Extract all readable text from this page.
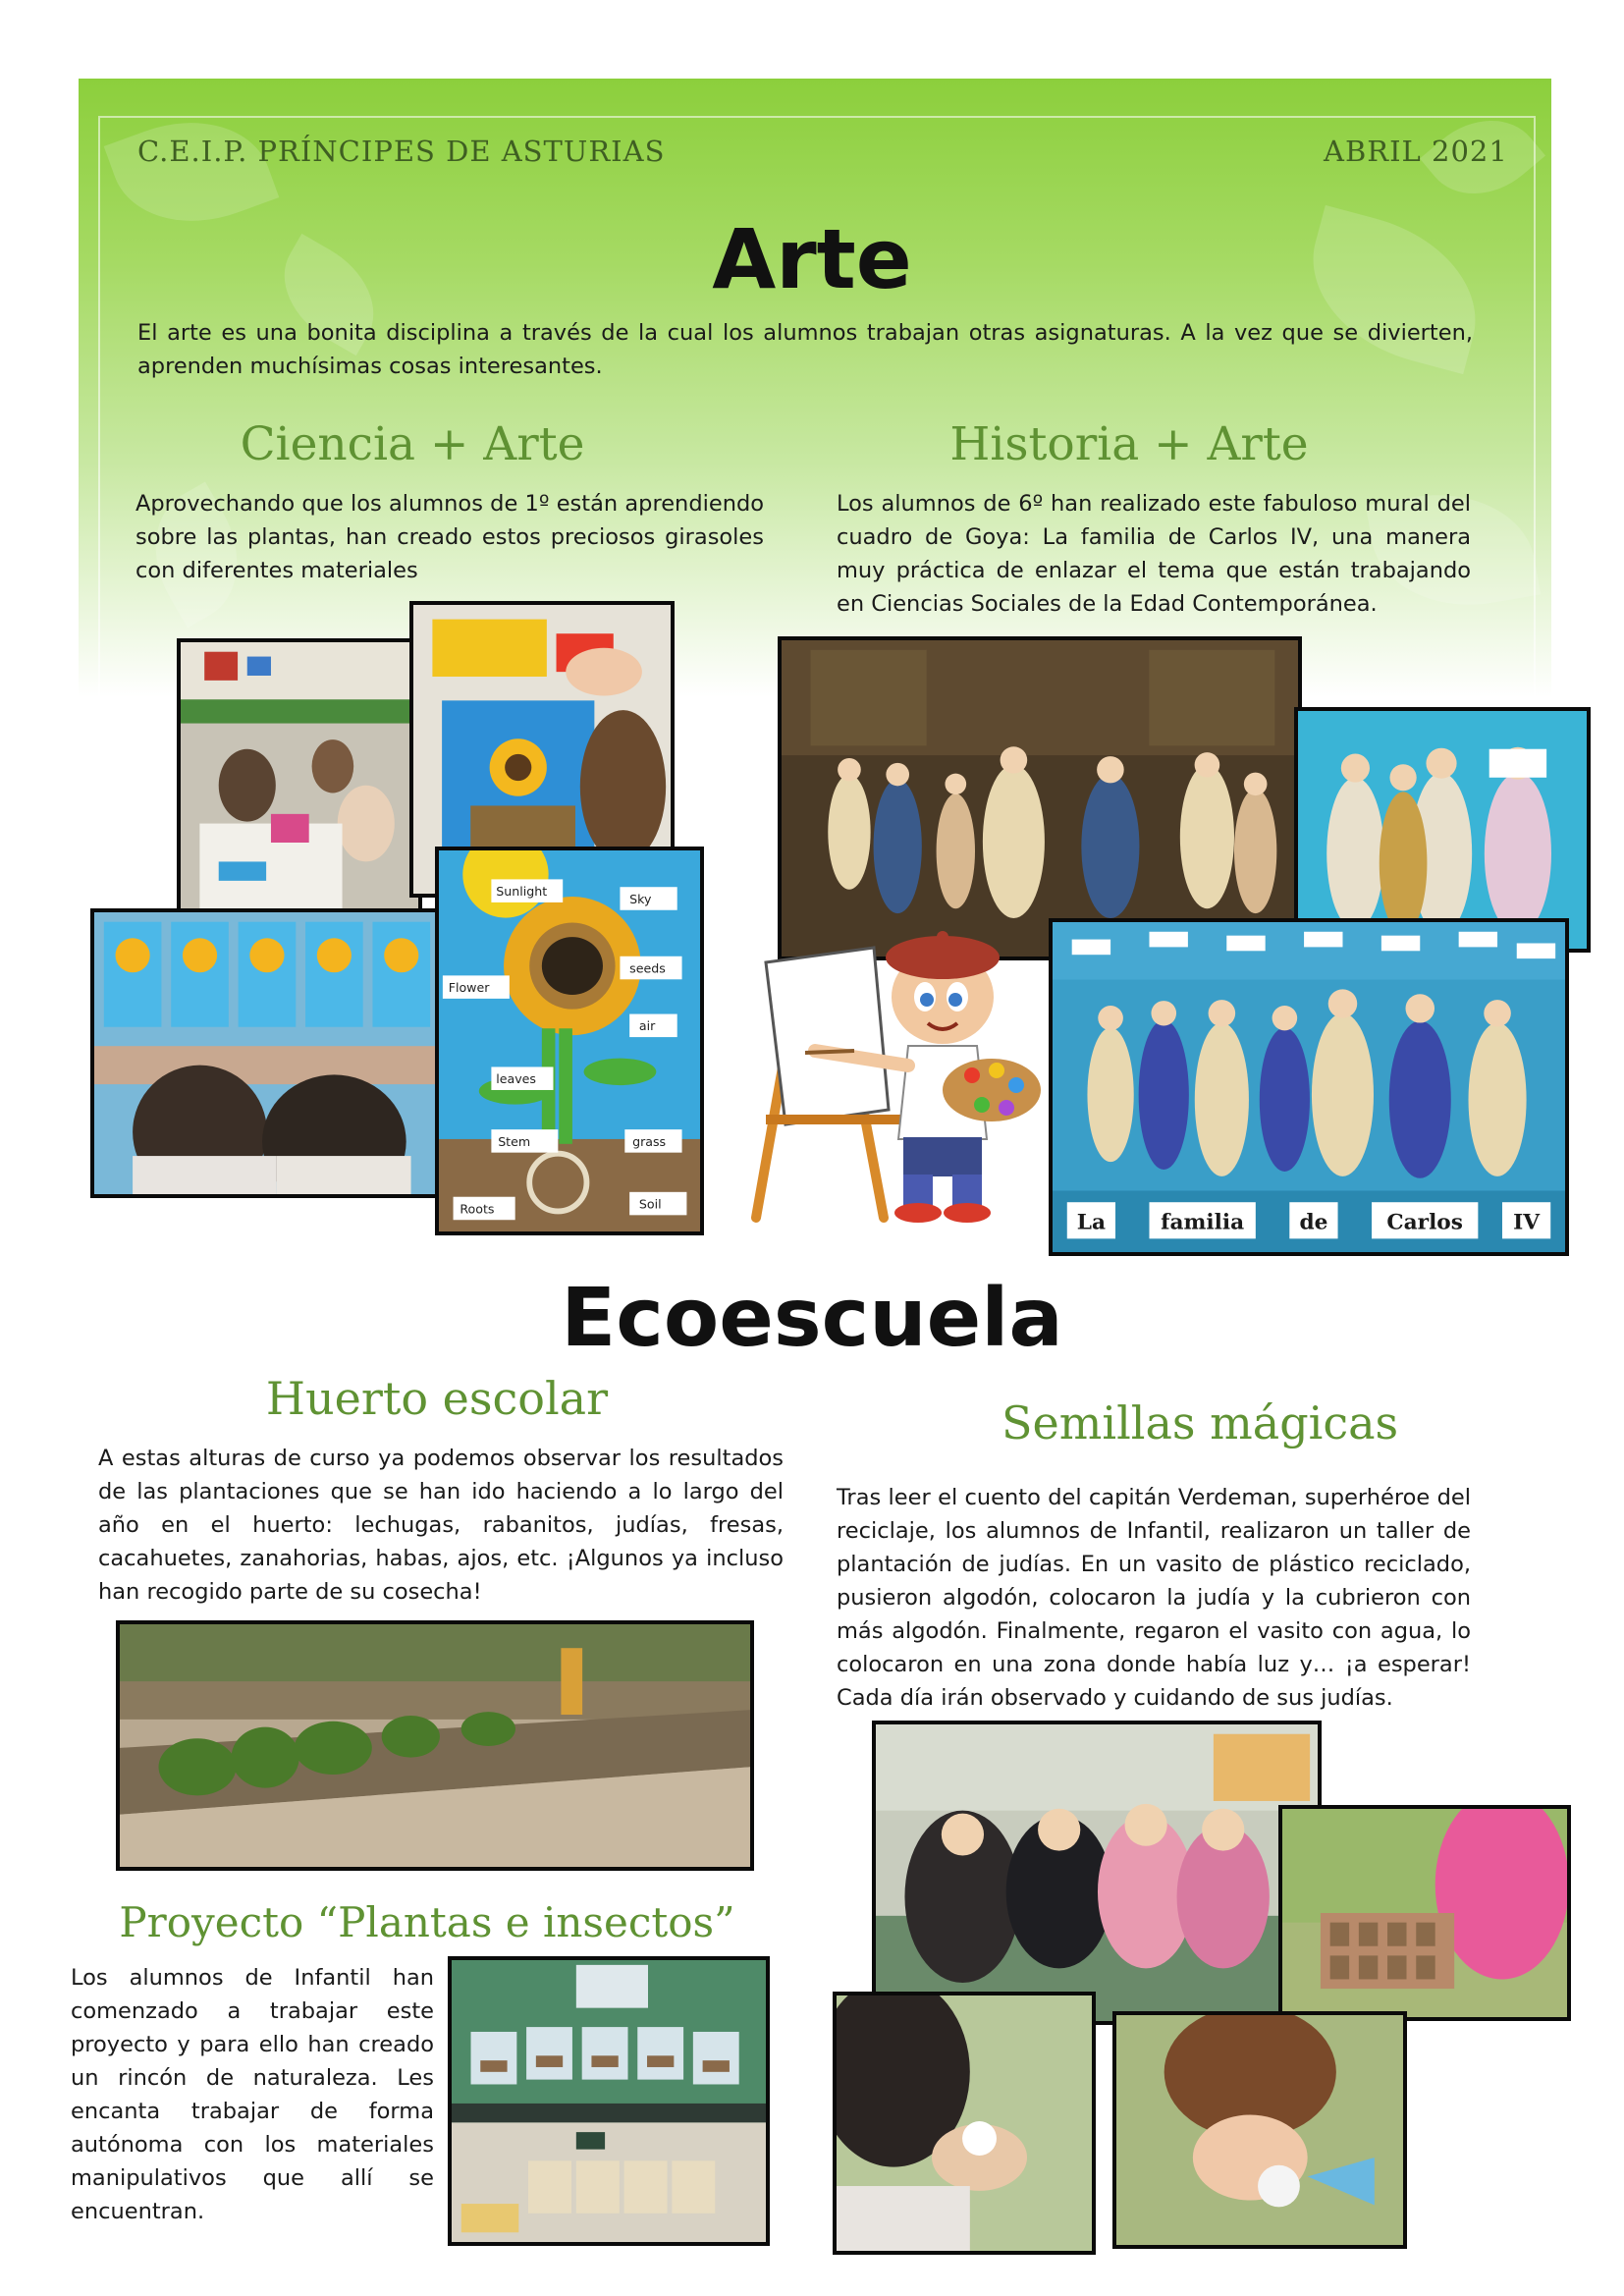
C.E.I.P. PRÍNCIPES DE ASTURIAS	ABRIL 2021
Arte

El arte es una bonita disciplina a través de la cual los alumnos trabajan otras asignaturas. A la vez que se divierten, aprenden muchísimas cosas interesantes.

Ciencia + Arte

Aprovechando que los alumnos de 1º están aprendiendo sobre las plantas, han creado estos preciosos girasoles con diferentes materiales

Historia + Arte

Los alumnos de 6º han realizado este fabuloso mural del cuadro de Goya: La familia de Carlos IV, una manera muy práctica de enlazar el tema que están trabajando en Ciencias Sociales de la Edad Contemporánea.

Sunlight
Sky
Flower
seeds
air
leaves
Stem	grass
Roots	Soil
La	familia	de	Carlos IV
Ecoescuela
Huerto escolar

A estas alturas de curso ya podemos observar los resultados de las plantaciones que se han ido haciendo a lo largo del año en el huerto: lechugas, rabanitos, judías, fresas, cacahuetes, zanahorias, habas, ajos, etc. ¡Algunos ya incluso han recogido parte de su cosecha!

Semillas mágicas

Tras leer el cuento del capitán Verdeman, superhéroe del reciclaje, los alumnos de Infantil, realizaron un taller de plantación de judías. En un vasito de plástico reciclado, pusieron algodón, colocaron la judía y la cubrieron con más algodón. Finalmente, regaron el vasito con agua, lo colocaron en una zona donde había luz y… ¡a esperar! Cada día irán observado y cuidando de sus judías.

Proyecto “Plantas e insectos”

Los alumnos de Infantil han comenzado a trabajar este proyecto y para ello han creado un rincón de naturaleza. Les encanta trabajar de forma autónoma con los materiales manipulativos que allí se encuentran.
